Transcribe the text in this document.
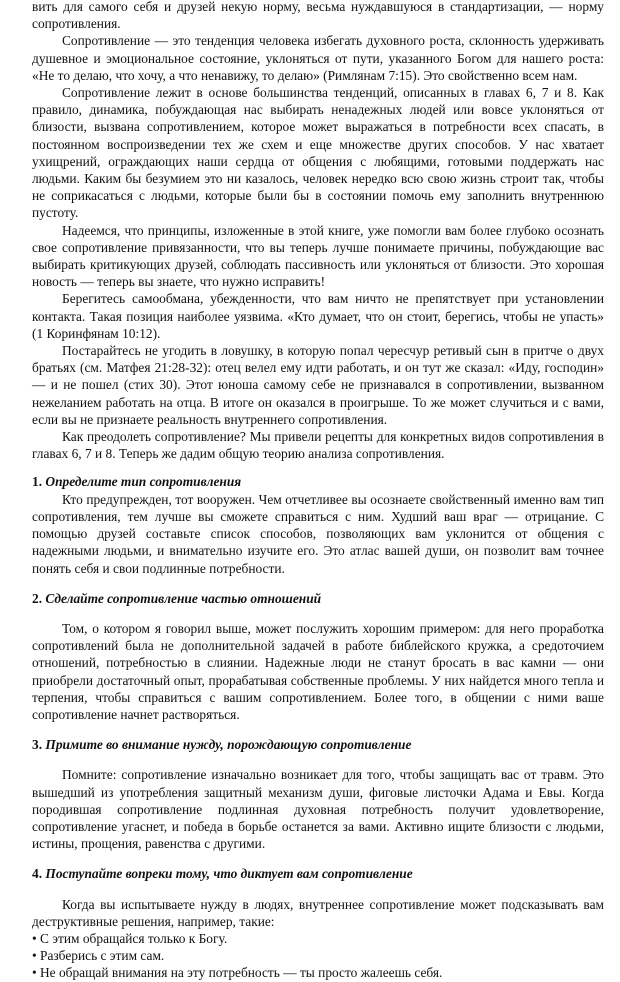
вить для самого себя и друзей некую норму, весьма нуждавшуюся в стандартизации, — норму сопротивления.

Сопротивление — это тенденция человека избегать духовного роста, склонность удерживать душевное и эмоциональное состояние, уклоняться от пути, указанного Богом для нашего роста: «Не то делаю, что хочу, а что ненавижу, то делаю» (Римлянам 7:15). Это свойственно всем нам.

Сопротивление лежит в основе большинства тенденций, описанных в главах 6, 7 и 8. Как правило, динамика, побуждающая нас выбирать ненадежных людей или вовсе уклоняться от близости, вызвана сопротивлением, которое может выражаться в потребности всех спасать, в постоянном воспроизведении тех же схем и еще множестве других способов. У нас хватает ухищрений, ограждающих наши сердца от общения с любящими, готовыми поддержать нас людьми. Каким бы безумием это ни казалось, человек нередко всю свою жизнь строит так, чтобы не соприкасаться с людьми, которые были бы в состоянии помочь ему заполнить внутреннюю пустоту.

Надеемся, что принципы, изложенные в этой книге, уже помогли вам более глубоко осознать свое сопротивление привязанности, что вы теперь лучше понимаете причины, побуждающие вас выбирать критикующих друзей, соблюдать пассивность или уклоняться от близости. Это хорошая новость — теперь вы знаете, что нужно исправить!

Берегитесь самообмана, убежденности, что вам ничто не препятствует при установлении контакта. Такая позиция наиболее уязвима. «Кто думает, что он стоит, берегись, чтобы не упасть» (1 Коринфянам 10:12).

Постарайтесь не угодить в ловушку, в которую попал чересчур ретивый сын в притче о двух братьях (см. Матфея 21:28-32): отец велел ему идти работать, и он тут же сказал: «Иду, господин» — и не пошел (стих 30). Этот юноша самому себе не признавался в сопротивлении, вызванном нежеланием работать на отца. В итоге он оказался в проигрыше. То же может случиться и с вами, если вы не признаете реальность внутреннего сопротивления.

Как преодолеть сопротивление? Мы привели рецепты для конкретных видов сопротивления в главах 6, 7 и 8. Теперь же дадим общую теорию анализа сопротивления.

1. Определите тип сопротивления

Кто предупрежден, тот вооружен. Чем отчетливее вы осознаете свойственный именно вам тип сопротивления, тем лучше вы сможете справиться с ним. Худший ваш враг — отрицание. С помощью друзей составьте список способов, позволяющих вам уклонится от общения с надежными людьми, и внимательно изучите его. Это атлас вашей души, он позволит вам точнее понять себя и свои подлинные потребности.

2. Сделайте сопротивление частью отношений

Том, о котором я говорил выше, может послужить хорошим примером: для него проработка сопротивлений была не дополнительной задачей в работе библейского кружка, а средоточием отношений, потребностью в слиянии. Надежные люди не станут бросать в вас камни — они приобрели достаточный опыт, прорабатывая собственные проблемы. У них найдется много тепла и терпения, чтобы справиться с вашим сопротивлением. Более того, в общении с ними ваше сопротивление начнет растворяться.

3. Примите во внимание нужду, порождающую сопротивление

Помните: сопротивление изначально возникает для того, чтобы защищать вас от травм. Это вышедший из употребления защитный механизм души, фиговые листочки Адама и Евы. Когда породившая сопротивление подлинная духовная потребность получит удовлетворение, сопротивление угаснет, и победа в борьбе останется за вами. Активно ищите близости с людьми, истины, прощения, равенства с другими.

4. Поступайте вопреки тому, что диктует вам сопротивление

Когда вы испытываете нужду в людях, внутреннее сопротивление может подсказывать вам деструктивные решения, например, такие:

• С этим обращайся только к Богу.
• Разберись с этим сам.
• Не обращай внимания на эту потребность — ты просто жалеешь себя.
